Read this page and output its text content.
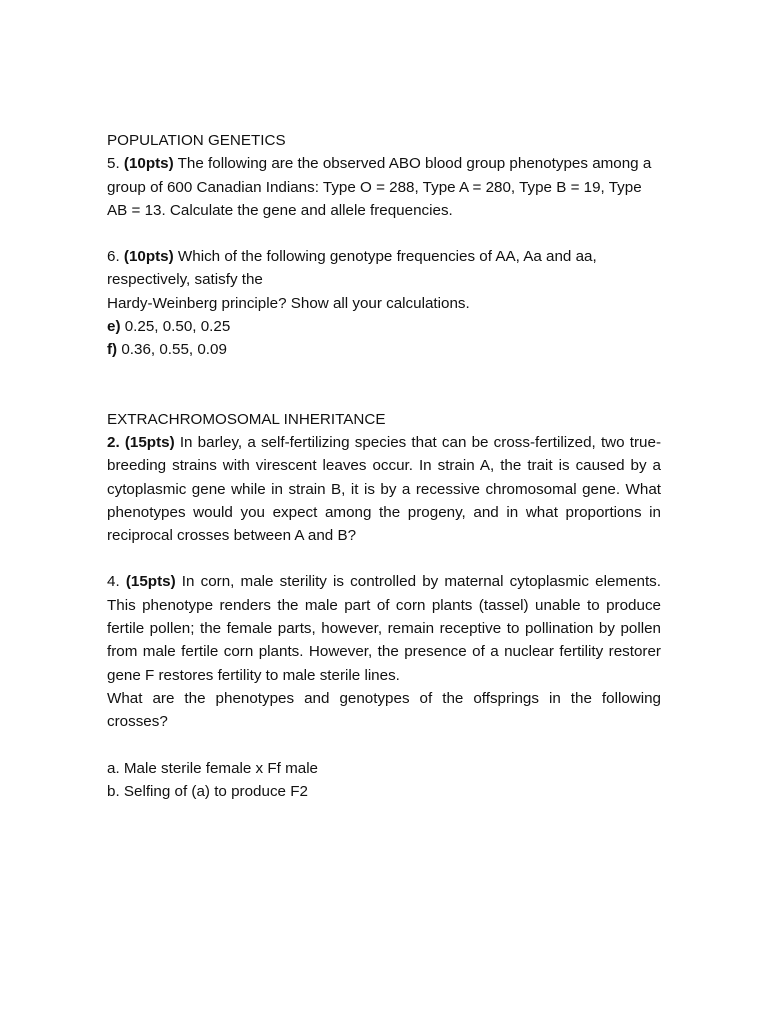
POPULATION GENETICS

5. (10pts) The following are the observed ABO blood group phenotypes among a group of 600 Canadian Indians: Type O = 288, Type A = 280, Type B = 19, Type AB = 13. Calculate the gene and allele frequencies.

6. (10pts) Which of the following genotype frequencies of AA, Aa and aa, respectively, satisfy the

Hardy-Weinberg principle? Show all your calculations.

e) 0.25, 0.50, 0.25

f) 0.36, 0.55, 0.09

EXTRACHROMOSOMAL INHERITANCE

2. (15pts) In barley, a self-fertilizing species that can be cross-fertilized, two true-breeding strains with virescent leaves occur. In strain A, the trait is caused by a cytoplasmic gene while in strain B, it is by a recessive chromosomal gene. What phenotypes would you expect among the progeny, and in what proportions in reciprocal crosses between A and B?

4. (15pts) In corn, male sterility is controlled by maternal cytoplasmic elements. This phenotype renders the male part of corn plants (tassel) unable to produce fertile pollen; the female parts, however, remain receptive to pollination by pollen from male fertile corn plants. However, the presence of a nuclear fertility restorer gene F restores fertility to male sterile lines.

What are the phenotypes and genotypes of the offsprings in the following crosses?

a. Male sterile female x Ff male

b. Selfing of (a) to produce F2
